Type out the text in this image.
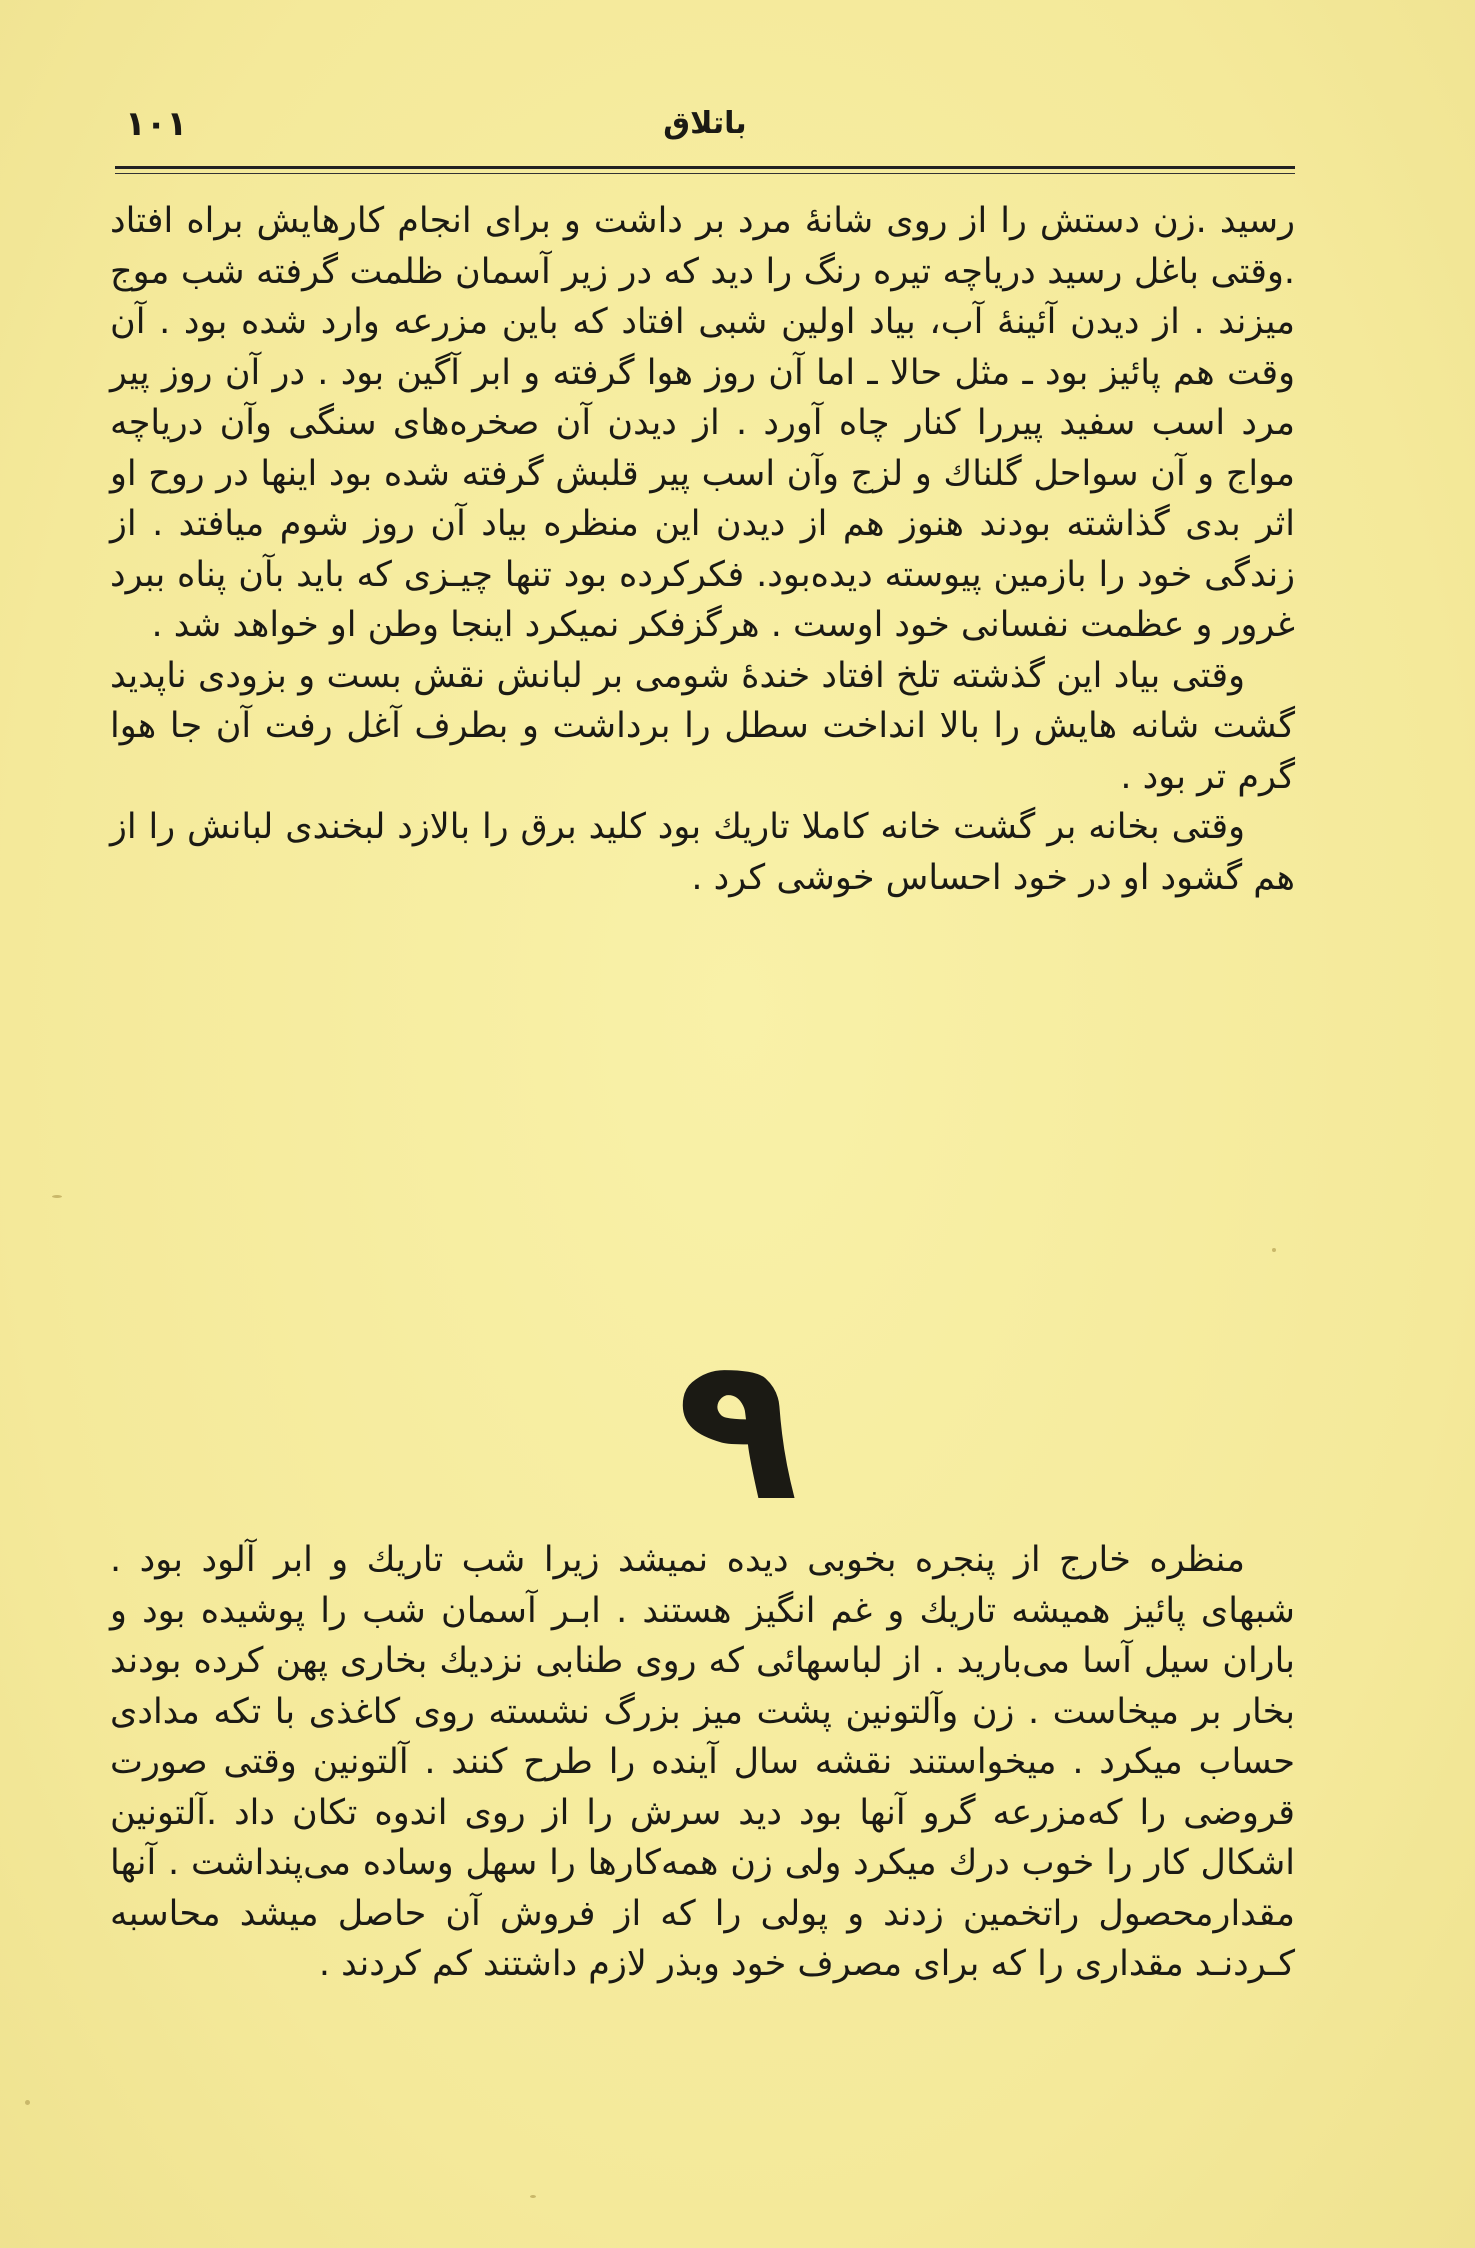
۱۰۱	باتلاق

رسید .زن دستش را از روی شانهٔ مرد بر داشت و برای انجام کارهایش براه افتاد .وقتی باغل رسید دریاچه تیره رنگ را دید که در زیر آسمان ظلمت گرفته شب موج میزند . از دیدن آئینهٔ آب، بیاد اولین شبی افتاد که باین مزرعه وارد شده بود . آن وقت هم پائیز بود ـ مثل حالا ـ اما آن روز هوا گرفته و ابر آگین بود . در آن روز پیر مرد اسب سفید پیررا کنار چاه آورد . از دیدن آن صخره‌های سنگی وآن دریاچه مواج و آن سواحل گلناك و لزج وآن اسب پیر قلبش گرفته شده بود اینها در روح او اثر بدی گذاشته بودند هنوز هم از دیدن این منظره بیاد آن روز شوم میافتد . از زندگی خود را بازمین پیوسته دیده‌بود. فکرکرده بود تنها چیـزی که باید بآن پناه ببرد غرور و عظمت نفسانی خود اوست . هرگزفکر نمیکرد اینجا وطن او خواهد شد .

وقتی بیاد این گذشته تلخ افتاد خندهٔ شومی بر لبانش نقش بست و بزودی ناپدید گشت شانه هایش را بالا انداخت سطل را برداشت و بطرف آغل رفت آن جا هوا گرم تر بود .

وقتی بخانه بر گشت خانه کاملا تاریك بود کلید برق را بالازد لبخندی لبانش را از هم گشود او در خود احساس خوشی کرد .

۹

منظره خارج از پنجره بخوبی دیده نمیشد زیرا شب تاریك و ابر آلود بود . شبهای پائیز همیشه تاریك و غم انگیز هستند . ابـر آسمان شب را پوشیده بود و باران سیل آسا می‌بارید . از لباسهائی که روی طنابی نزدیك بخاری پهن کرده بودند بخار بر میخاست . زن وآلتونین پشت میز بزرگ نشسته روی کاغذی با تکه مدادی حساب میکرد . میخواستند نقشه سال آینده را طرح کنند . آلتونین وقتی صورت قروضی را که‌مزرعه گرو آنها بود دید سرش را از روی اندوه تکان داد .آلتونین اشکال کار را خوب درك میکرد ولی زن همه‌کارها را سهل وساده می‌پنداشت . آنها مقدارمحصول راتخمین زدند و پولی را که از فروش آن حاصل میشد محاسبه کـردنـد مقداری را که برای مصرف خود وبذر لازم داشتند کم کردند .
